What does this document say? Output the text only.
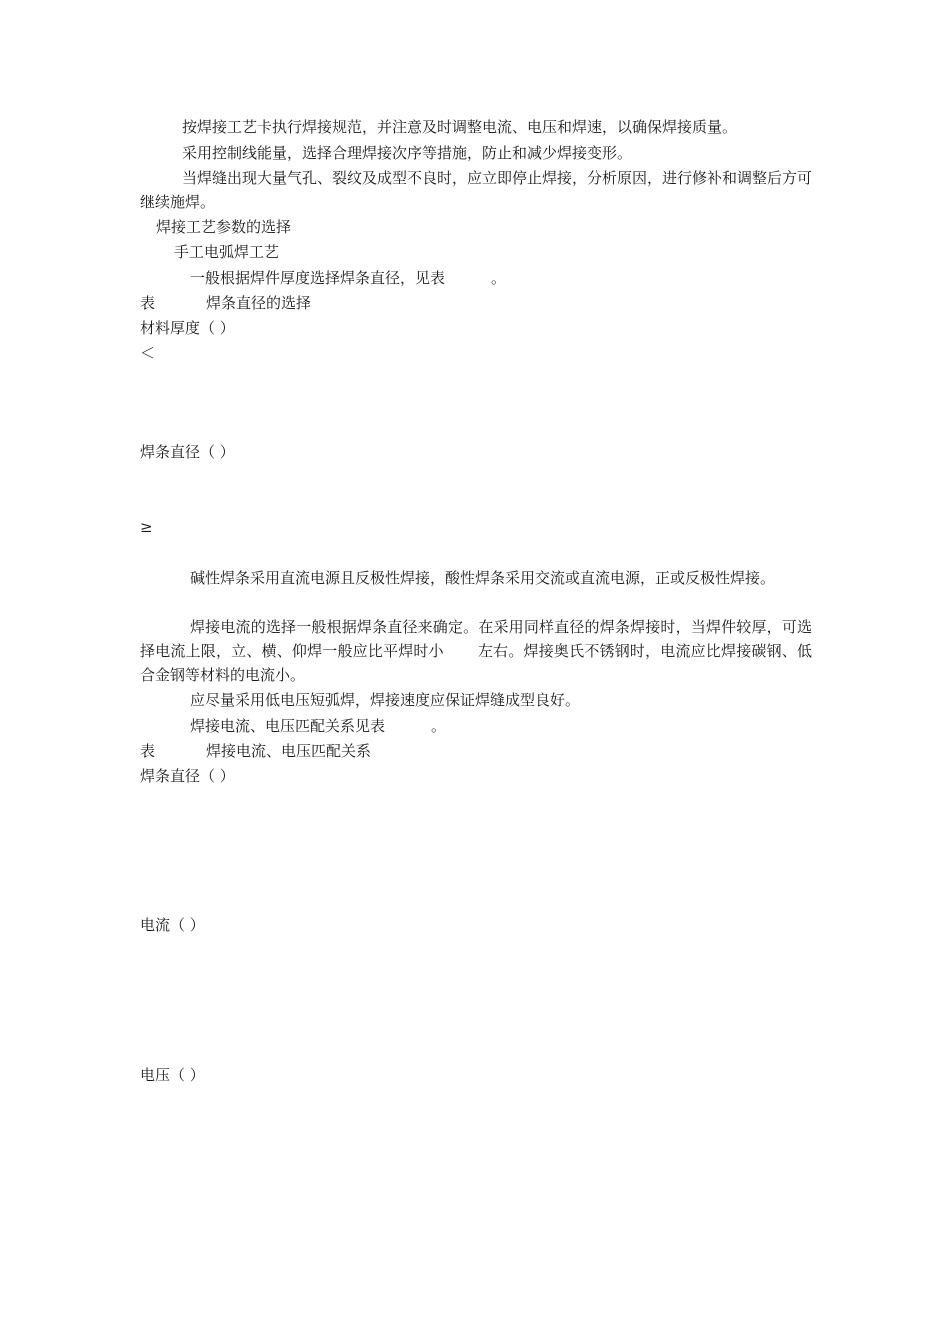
按焊接工艺卡执行焊接规范，并注意及时调整电流、电压和焊速，以确保焊接质量。
采用控制线能量，选择合理焊接次序等措施，防止和减少焊接变形。
当焊缝出现大量气孔、裂纹及成型不良时，应立即停止焊接，分析原因，进行修补和调整后方可继续施焊。
焊接工艺参数的选择
手工电弧焊工艺
一般根据焊件厚度选择焊条直径，见表	。
表	焊条直径的选择
材料厚度（ ）
＜
焊条直径（ ）
≥
碱性焊条采用直流电源且反极性焊接，酸性焊条采用交流或直流电源，正或反极性焊接。
焊接电流的选择一般根据焊条直径来确定。在采用同样直径的焊条焊接时，当焊件较厚，可选择电流上限，立、横、仰焊一般应比平焊时小 左右。焊接奥氏不锈钢时，电流应比焊接碳钢、低合金钢等材料的电流小。
应尽量采用低电压短弧焊，焊接速度应保证焊缝成型良好。
焊接电流、电压匹配关系见表	。
表	焊接电流、电压匹配关系
焊条直径（ ）
电流（ ）
电压（ ）
